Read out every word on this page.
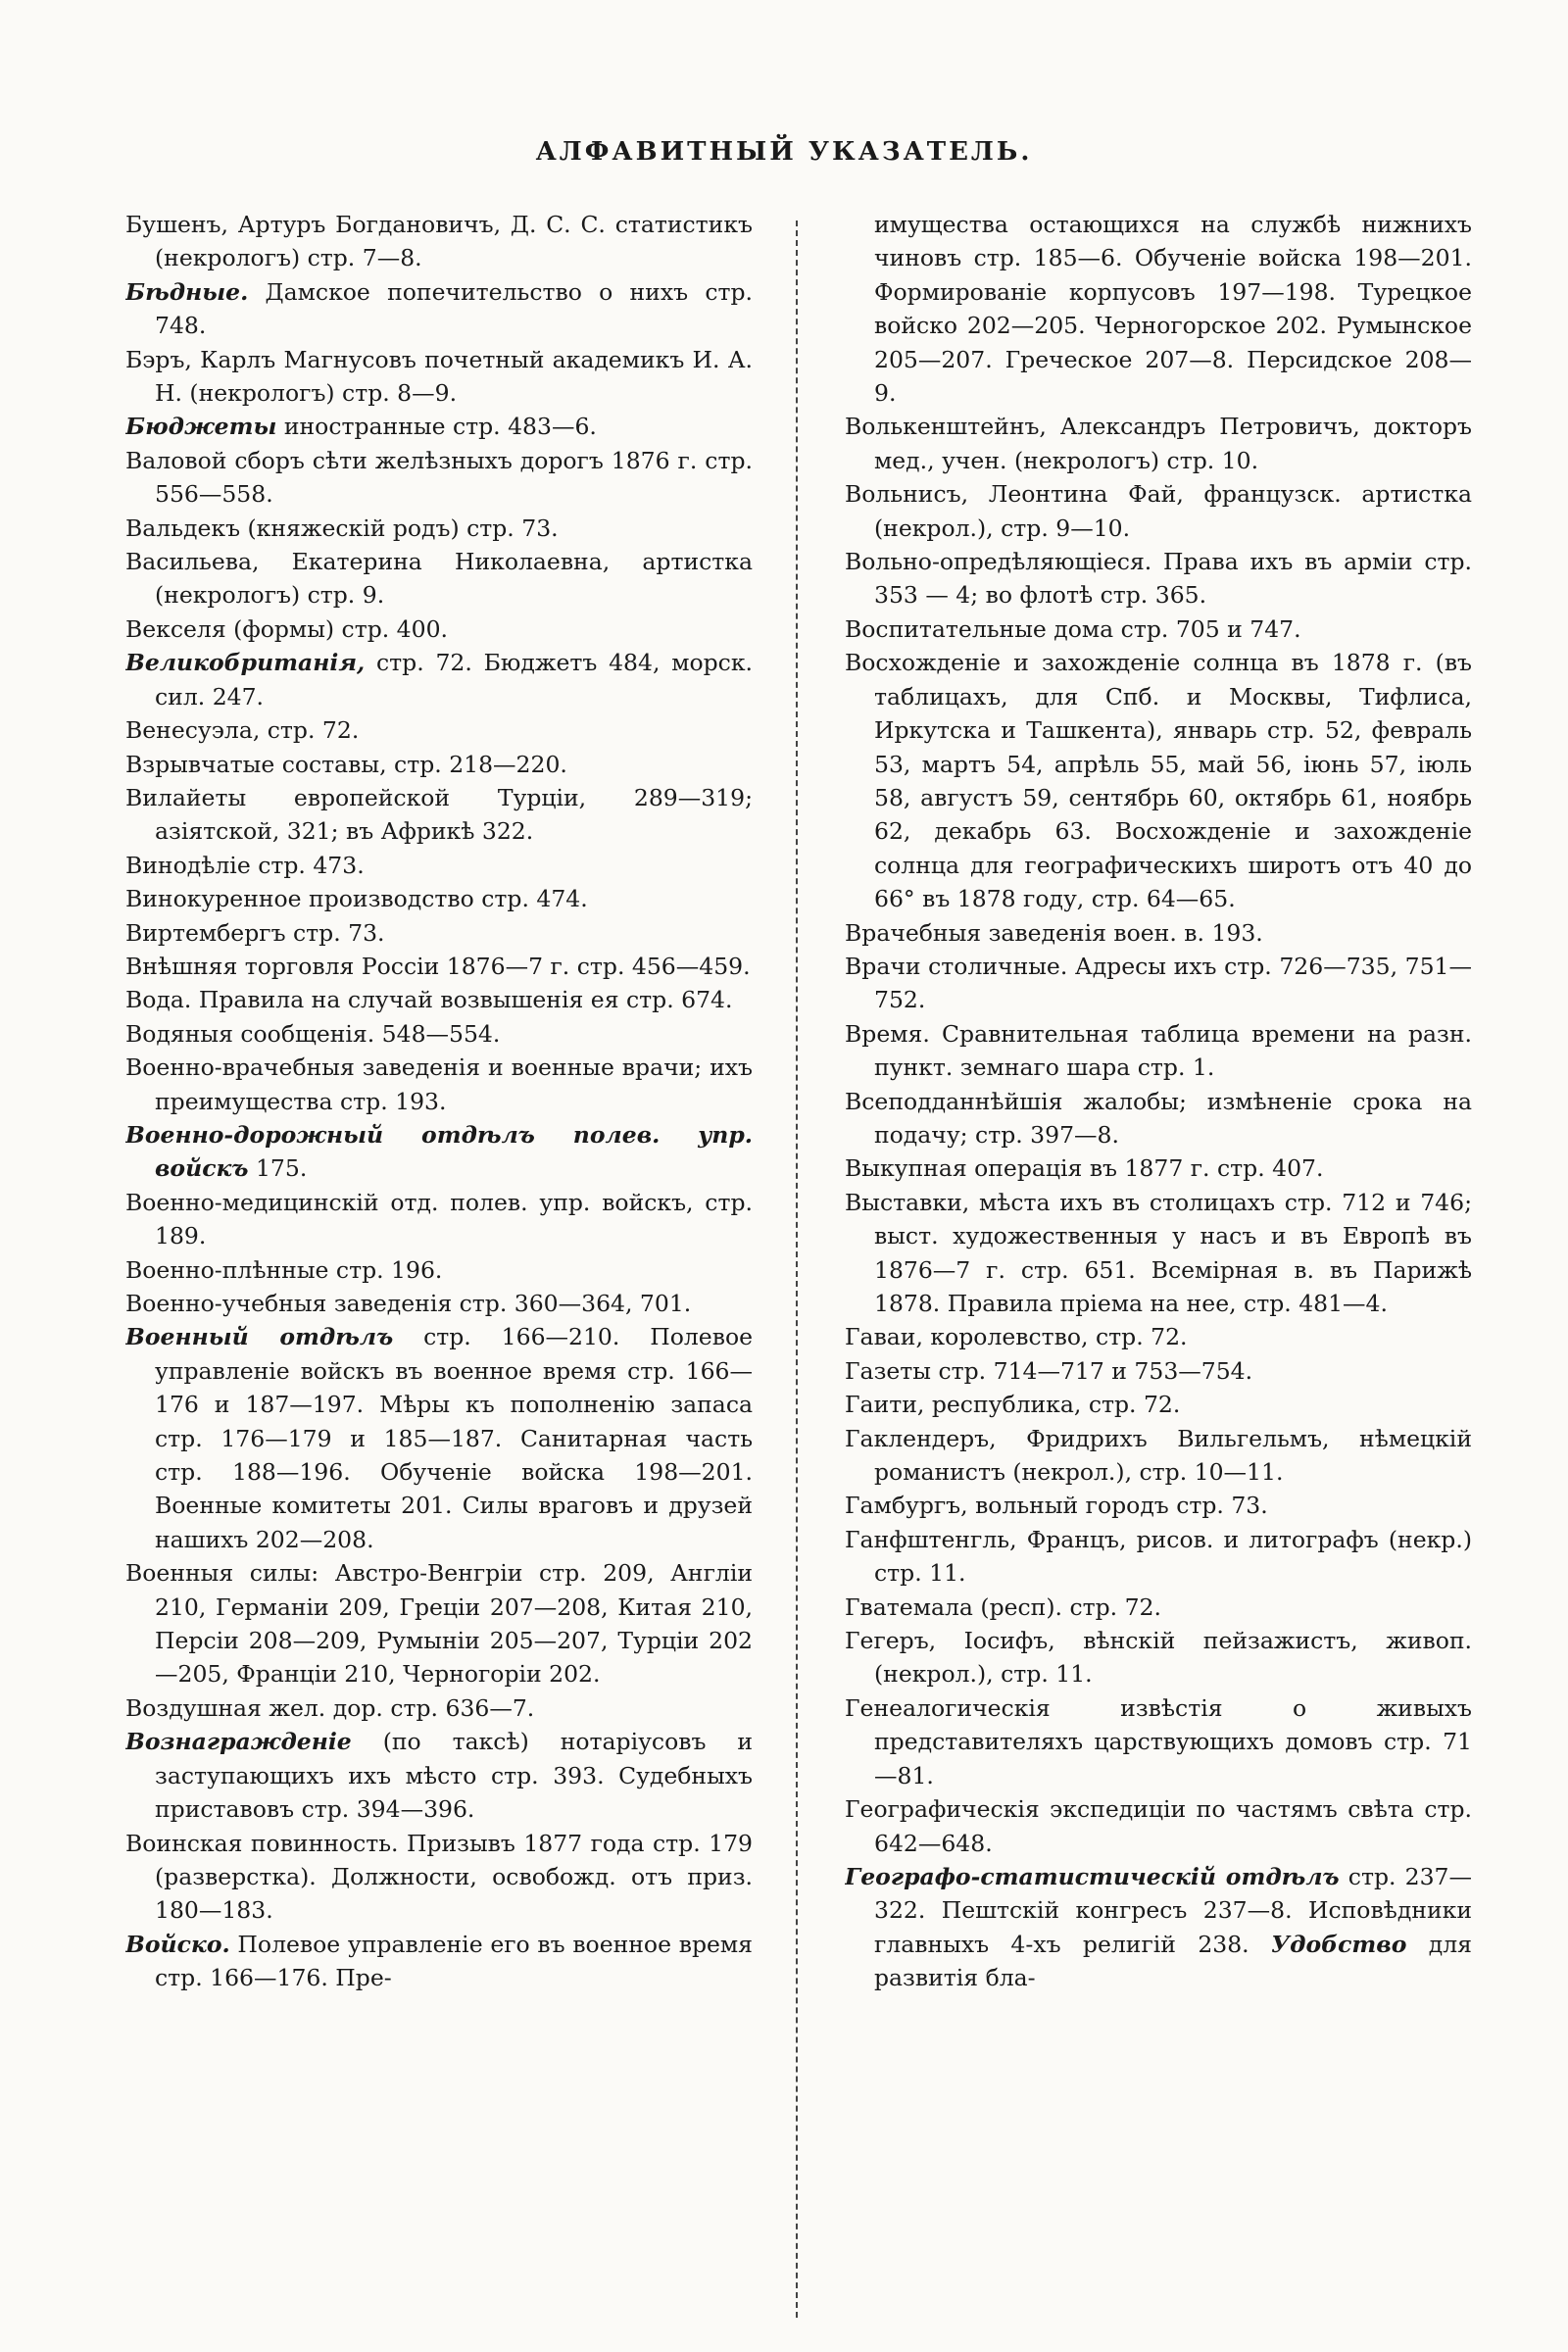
АЛФАВИТНЫЙ УКАЗАТЕЛЬ.
Бушенъ, Артуръ Богдановичъ, Д. С. С. статистикъ (некрологъ) стр. 7—8.
Бѣдные. Дамское попечительство о нихъ стр. 748.
Бэръ, Карлъ Магнусовъ почетный академикъ И. А. Н. (некрологъ) стр. 8—9.
Бюджеты иностранные стр. 483—6.
Валовой сборъ сѣти желѣзныхъ дорогъ 1876 г. стр. 556—558.
Вальдекъ (княжескій родъ) стр. 73.
Васильева, Екатерина Николаевна, артистка (некрологъ) стр. 9.
Векселя (формы) стр. 400.
Великобританія, стр. 72. Бюджетъ 484, морск. сил. 247.
Венесуэла, стр. 72.
Взрывчатые составы, стр. 218—220.
Вилайеты европейской Турціи, 289—319; азіятской, 321; въ Африкѣ 322.
Винодѣліе стр. 473.
Винокуренное производство стр. 474.
Виртембергъ стр. 73.
Внѣшняя торговля Россіи 1876—7 г. стр. 456—459.
Вода. Правила на случай возвышенія ея стр. 674.
Водяныя сообщенія. 548—554.
Военно-врачебныя заведенія и военные врачи; ихъ преимущества стр. 193.
Военно-дорожный отдѣлъ полев. упр. войскъ 175.
Военно-медицинскій отд. полев. упр. войскъ, стр. 189.
Военно-плѣнные стр. 196.
Военно-учебныя заведенія стр. 360—364, 701.
Военный отдѣлъ стр. 166—210. Полевое управленіе войскъ въ военное время стр. 166—176 и 187—197. Мѣры къ пополненію запаса стр. 176—179 и 185—187. Санитарная часть стр. 188—196. Обученіе войска 198—201. Военные комитеты 201. Силы враговъ и друзей нашихъ 202—208.
Военныя силы: Австро-Венгріи стр. 209, Англіи 210, Германіи 209, Греціи 207—208, Китая 210, Персіи 208—209, Румыніи 205—207, Турціи 202—205, Франціи 210, Черногоріи 202.
Воздушная жел. дор. стр. 636—7.
Вознагражденіе (по таксѣ) нотаріусовъ и заступающихъ ихъ мѣсто стр. 393. Судебныхъ приставовъ стр. 394—396.
Воинская повинность. Призывъ 1877 года стр. 179 (разверстка). Должности, освобожд. отъ приз. 180—183.
Войско. Полевое управленіе его въ военное время стр. 166—176. Пре-
имущества остающихся на службѣ нижнихъ чиновъ стр. 185—6. Обученіе войска 198—201. Формированіе корпусовъ 197—198. Турецкое войско 202—205. Черногорское 202. Румынское 205—207. Греческое 207—8. Персидское 208—9.
Волькенштейнъ, Александръ Петровичъ, докторъ мед., учен. (некрологъ) стр. 10.
Вольнисъ, Леонтина Фай, французск. артистка (некрол.), стр. 9—10.
Вольно-опредѣляющіеся. Права ихъ въ арміи стр. 353 — 4; во флотѣ стр. 365.
Воспитательные дома стр. 705 и 747.
Восхожденіе и захожденіе солнца въ 1878 г. (въ таблицахъ, для Спб. и Москвы, Тифлиса, Иркутска и Ташкента), январь стр. 52, февраль 53, мартъ 54, апрѣль 55, май 56, іюнь 57, іюль 58, августъ 59, сентябрь 60, октябрь 61, ноябрь 62, декабрь 63. Восхожденіе и захожденіе солнца для географическихъ широтъ отъ 40 до 66° въ 1878 году, стр. 64—65.
Врачебныя заведенія воен. в. 193.
Врачи столичные. Адресы ихъ стр. 726—735, 751—752.
Время. Сравнительная таблица времени на разн. пункт. земнаго шара стр. 1.
Всеподданнѣйшія жалобы; измѣненіе срока на подачу; стр. 397—8.
Выкупная операція въ 1877 г. стр. 407.
Выставки, мѣста ихъ въ столицахъ стр. 712 и 746; выст. художественныя у насъ и въ Европѣ въ 1876—7 г. стр. 651. Всемірная в. въ Парижѣ 1878. Правила пріема на нее, стр. 481—4.
Гаваи, королевство, стр. 72.
Газеты стр. 714—717 и 753—754.
Гаити, республика, стр. 72.
Гаклендеръ, Фридрихъ Вильгельмъ, нѣмецкій романистъ (некрол.), стр. 10—11.
Гамбургъ, вольный городъ стр. 73.
Ганфштенгль, Францъ, рисов. и литографъ (некр.) стр. 11.
Гватемала (респ). стр. 72.
Гегеръ, Іосифъ, вѣнскій пейзажистъ, живоп. (некрол.), стр. 11.
Генеалогическія извѣстія о живыхъ представителяхъ царствующихъ домовъ стр. 71—81.
Географическія экспедиціи по частямъ свѣта стр. 642—648.
Географо-статистическій отдѣлъ стр. 237—322. Пештскій конгресъ 237—8. Исповѣдники главныхъ 4-хъ религій 238. Удобство для развитія бла-
